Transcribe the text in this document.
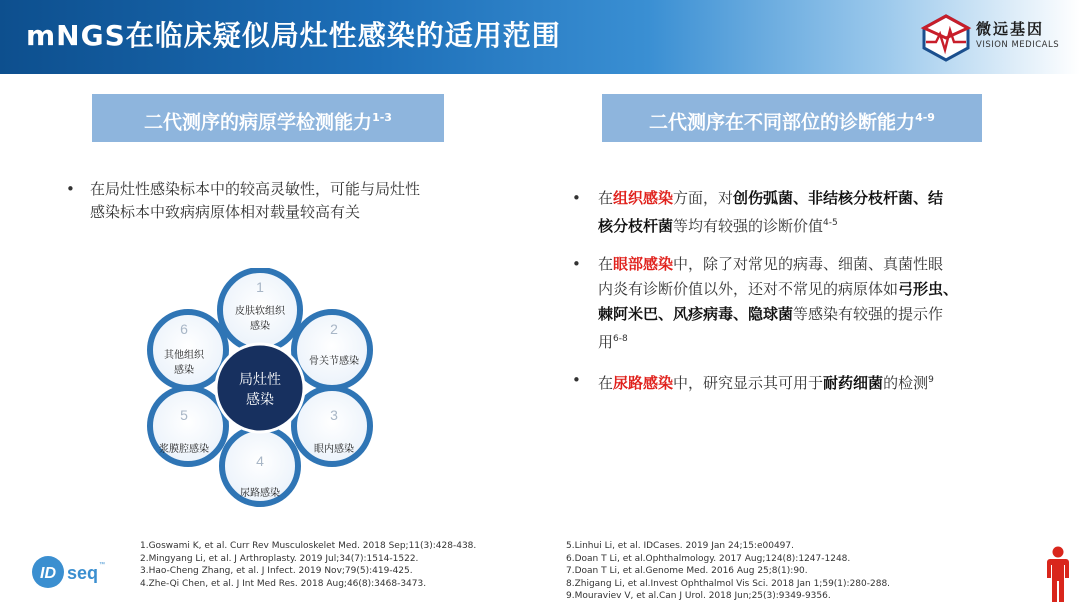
mNGS在临床疑似局灶性感染的适用范围	微远基因
VISION MEDICALS
二代测序的病原学检测能力$^{1-3}$	二代测序在不同部位的诊断能力$^{4-9}$
• 在局灶性感染标本中的较高灵敏性，可能与局灶性
感染标本中致病病原体相对载量较高有关
1
皮肤软组织
感染	2
骨关节感染
3
眼内感染
4
尿路感染
5
浆膜腔感染
6
其他组织
感染
局灶性
感染
• 在组织感染方面，对创伤弧菌、非结核分枝杆菌、结
核分枝杆菌等均有较强的诊断价值$^{4-5}$
• 在眼部感染中，除了对常见的病毒、细菌、真菌性眼
内炎有诊断价值以外，还对不常见的病原体如弓形虫、
棘阿米巴、风疹病毒、隐球菌等感染有较强的提示作
用$^{6-8}$
• 在尿路感染中，研究显示其可用于耐药细菌的检测$^9$
1.Goswami K, et al. Curr Rev Musculoskelet Med. 2018 Sep;11(3):428-438.
2.Mingyang Li, et al. J Arthroplasty. 2019 Jul;34(7):1514-1522.
3.Hao-Cheng Zhang, et al. J Infect. 2019 Nov;79(5):419-425.
4.Zhe-Qi Chen, et al. J Int Med Res. 2018 Aug;46(8):3468-3473.
5.Linhui Li, et al. IDCases. 2019 Jan 24;15:e00497.
6.Doan T Li, et al.Ophthalmology. 2017 Aug;124(8):1247-1248.
7.Doan T Li, et al.Genome Med. 2016 Aug 25;8(1):90.
8.Zhigang Li, et al.Invest Ophthalmol Vis Sci. 2018 Jan 1;59(1):280-288.
9.Mouraviev V, et al.Can J Urol. 2018 Jun;25(3):9349-9356.
ID seq ™
